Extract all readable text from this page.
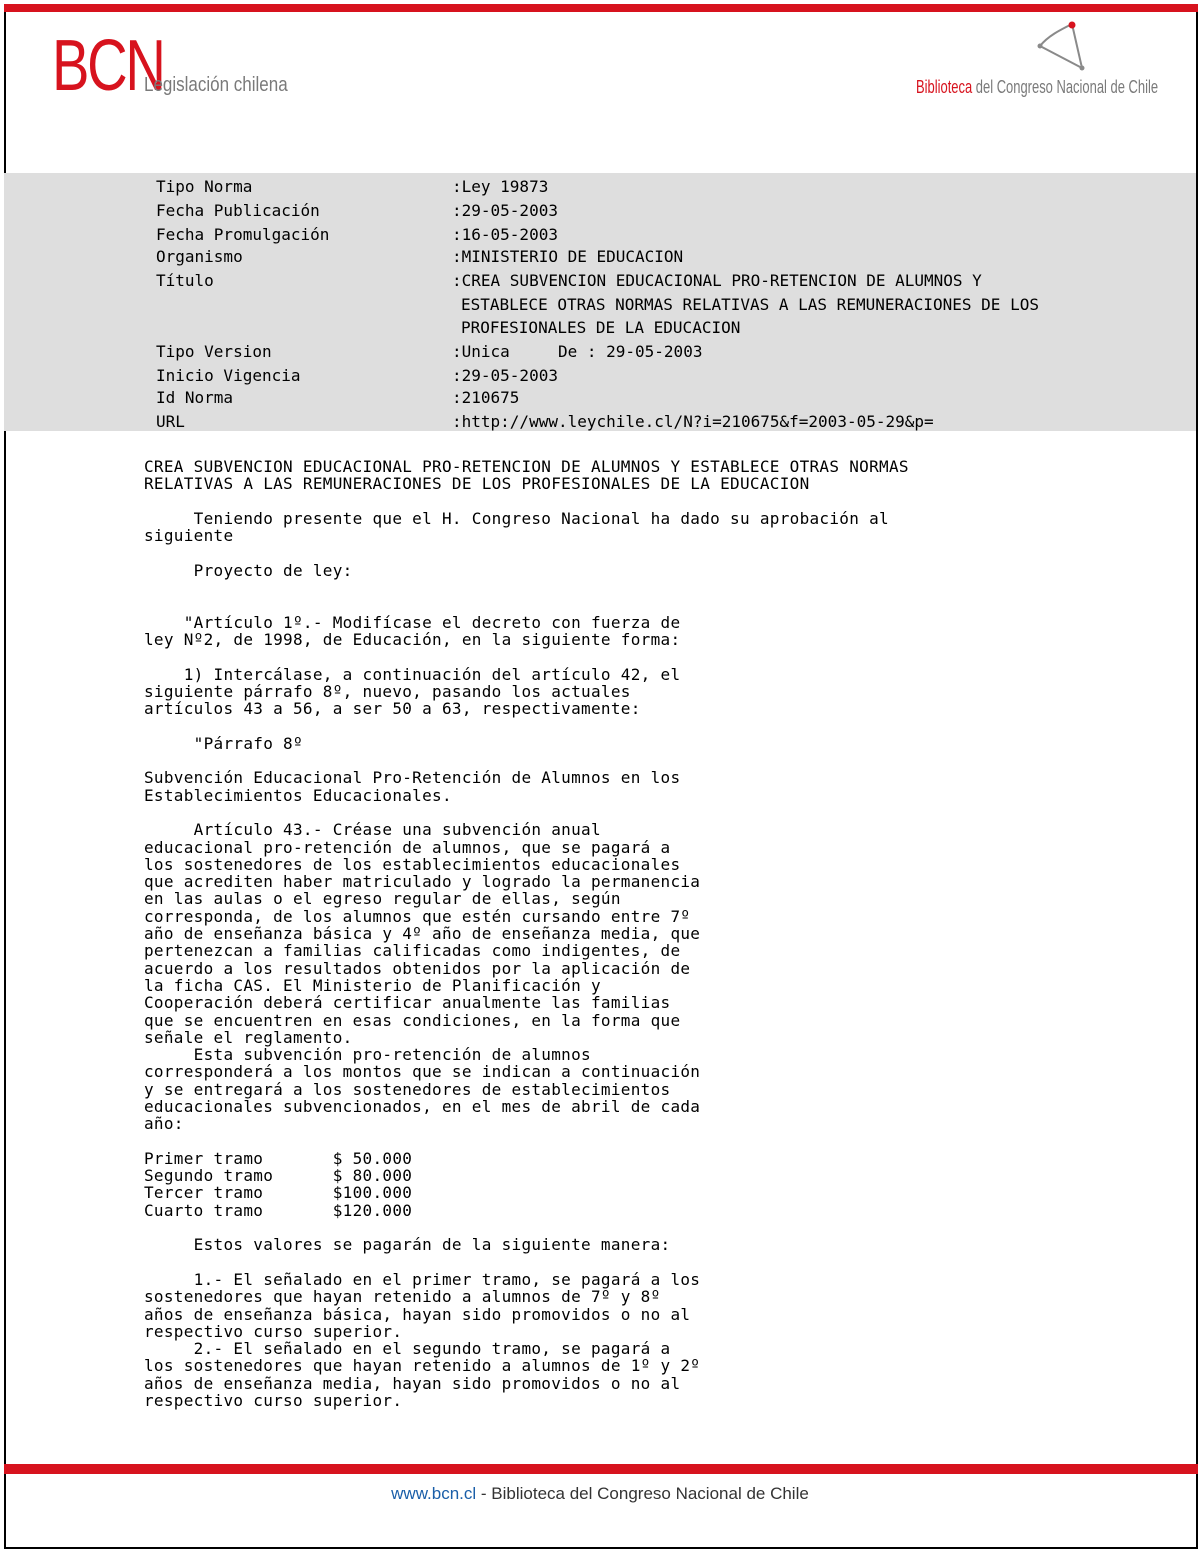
BCN
Legislación chilena	Biblioteca del Congreso Nacional de Chile
Tipo Norma	:Ley 19873
Fecha Publicación	:29-05-2003
Fecha Promulgación	:16-05-2003
Organismo	:MINISTERIO DE EDUCACION
Título	:CREA SUBVENCION EDUCACIONAL PRO-RETENCION DE ALUMNOS Y
ESTABLECE OTRAS NORMAS RELATIVAS A LAS REMUNERACIONES DE LOS
PROFESIONALES DE LA EDUCACION
Tipo Version	:Unica     De : 29-05-2003
Inicio Vigencia	:29-05-2003
Id Norma	:210675
URL	:http://www.leychile.cl/N?i=210675&f=2003-05-29&p=
CREA SUBVENCION EDUCACIONAL PRO-RETENCION DE ALUMNOS Y ESTABLECE OTRAS NORMAS
RELATIVAS A LAS REMUNERACIONES DE LOS PROFESIONALES DE LA EDUCACION
Teniendo presente que el H. Congreso Nacional ha dado su aprobación al
siguiente
Proyecto de ley:
"Artículo 1º.- Modifícase el decreto con fuerza de
ley Nº2, de 1998, de Educación, en la siguiente forma:
1) Intercálase, a continuación del artículo 42, el
siguiente párrafo 8º, nuevo, pasando los actuales
artículos 43 a 56, a ser 50 a 63, respectivamente:
"Párrafo 8º
Subvención Educacional Pro-Retención de Alumnos en los
Establecimientos Educacionales.
Artículo 43.- Créase una subvención anual
educacional pro-retención de alumnos, que se pagará a
los sostenedores de los establecimientos educacionales
que acrediten haber matriculado y logrado la permanencia
en las aulas o el egreso regular de ellas, según
corresponda, de los alumnos que estén cursando entre 7º
año de enseñanza básica y 4º año de enseñanza media, que
pertenezcan a familias calificadas como indigentes, de
acuerdo a los resultados obtenidos por la aplicación de
la ficha CAS. El Ministerio de Planificación y
Cooperación deberá certificar anualmente las familias
que se encuentren en esas condiciones, en la forma que
señale el reglamento.
Esta subvención pro-retención de alumnos
corresponderá a los montos que se indican a continuación
y se entregará a los sostenedores de establecimientos
educacionales subvencionados, en el mes de abril de cada
año:
Primer tramo       $ 50.000
Segundo tramo      $ 80.000
Tercer tramo       $100.000
Cuarto tramo       $120.000
Estos valores se pagarán de la siguiente manera:
1.- El señalado en el primer tramo, se pagará a los
sostenedores que hayan retenido a alumnos de 7º y 8º
años de enseñanza básica, hayan sido promovidos o no al
respectivo curso superior.
2.- El señalado en el segundo tramo, se pagará a
los sostenedores que hayan retenido a alumnos de 1º y 2º
años de enseñanza media, hayan sido promovidos o no al
respectivo curso superior.
www.bcn.cl - Biblioteca del Congreso Nacional de Chile
